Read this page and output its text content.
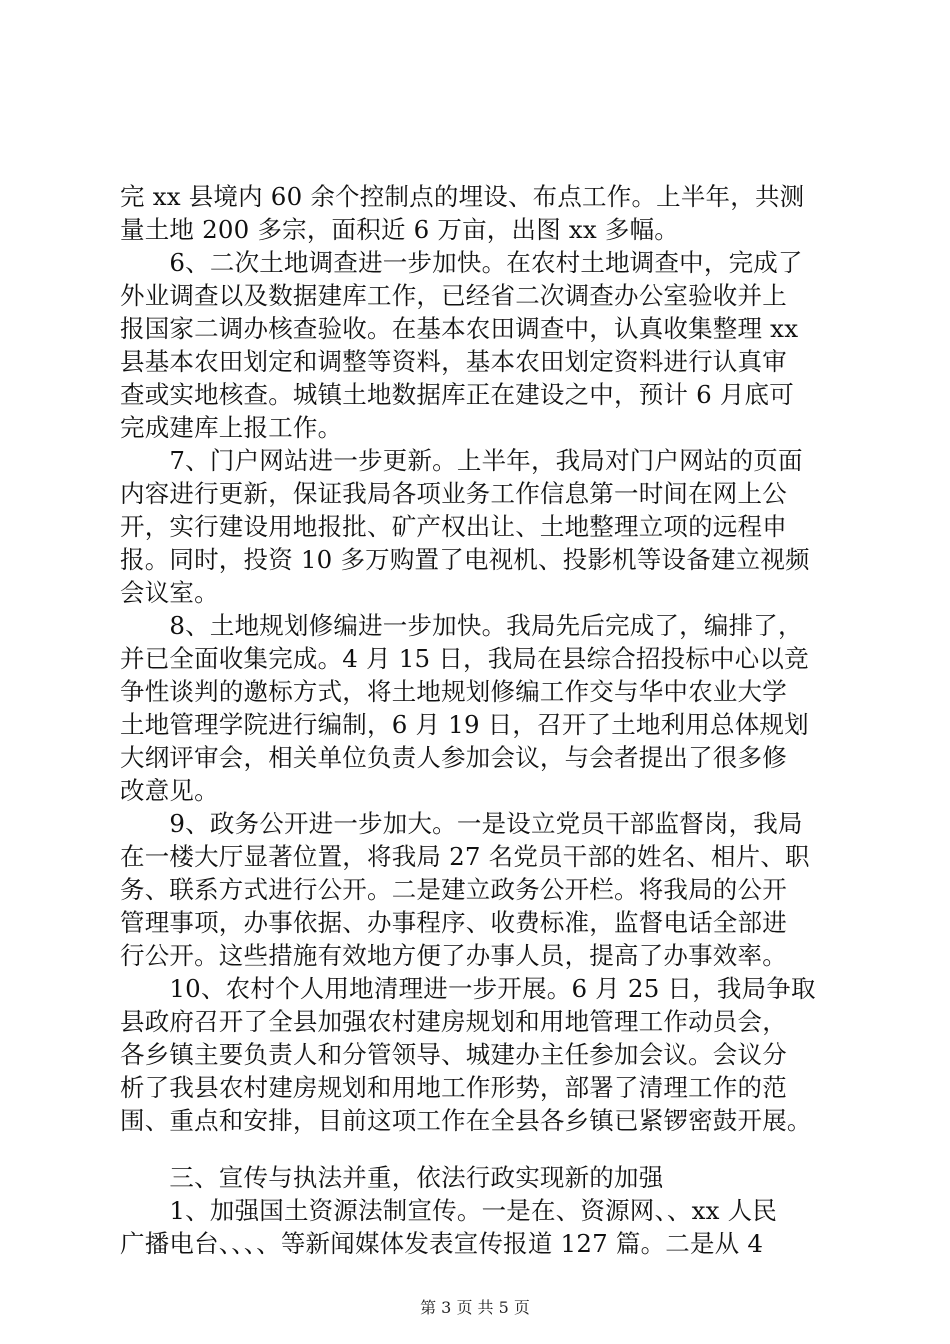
完 xx 县境内 60 余个控制点的埋设、布点工作。上半年，共测
量土地 200 多宗，面积近 6 万亩，出图 xx 多幅。
　　6、二次土地调查进一步加快。在农村土地调查中，完成了
外业调查以及数据建库工作，已经省二次调查办公室验收并上
报国家二调办核查验收。在基本农田调查中，认真收集整理 xx
县基本农田划定和调整等资料，基本农田划定资料进行认真审
查或实地核查。城镇土地数据库正在建设之中，预计 6 月底可
完成建库上报工作。
　　7、门户网站进一步更新。上半年，我局对门户网站的页面
内容进行更新，保证我局各项业务工作信息第一时间在网上公
开，实行建设用地报批、矿产权出让、土地整理立项的远程申
报。同时，投资 10 多万购置了电视机、投影机等设备建立视频
会议室。
　　8、土地规划修编进一步加快。我局先后完成了，编排了，
并已全面收集完成。4 月 15 日，我局在县综合招投标中心以竞
争性谈判的邀标方式，将土地规划修编工作交与华中农业大学
土地管理学院进行编制，6 月 19 日，召开了土地利用总体规划
大纲评审会，相关单位负责人参加会议，与会者提出了很多修
改意见。
　　9、政务公开进一步加大。一是设立党员干部监督岗，我局
在一楼大厅显著位置，将我局 27 名党员干部的姓名、相片、职
务、联系方式进行公开。二是建立政务公开栏。将我局的公开
管理事项，办事依据、办事程序、收费标准，监督电话全部进
行公开。这些措施有效地方便了办事人员，提高了办事效率。
　　10、农村个人用地清理进一步开展。6 月 25 日，我局争取
县政府召开了全县加强农村建房规划和用地管理工作动员会，
各乡镇主要负责人和分管领导、城建办主任参加会议。会议分
析了我县农村建房规划和用地工作形势，部署了清理工作的范
围、重点和安排，目前这项工作在全县各乡镇已紧锣密鼓开展。
　　三、宣传与执法并重，依法行政实现新的加强
　　1、加强国土资源法制宣传。一是在、资源网、、xx 人民
广播电台、、、、等新闻媒体发表宣传报道 127 篇。二是从 4
第 3 页 共 5 页
